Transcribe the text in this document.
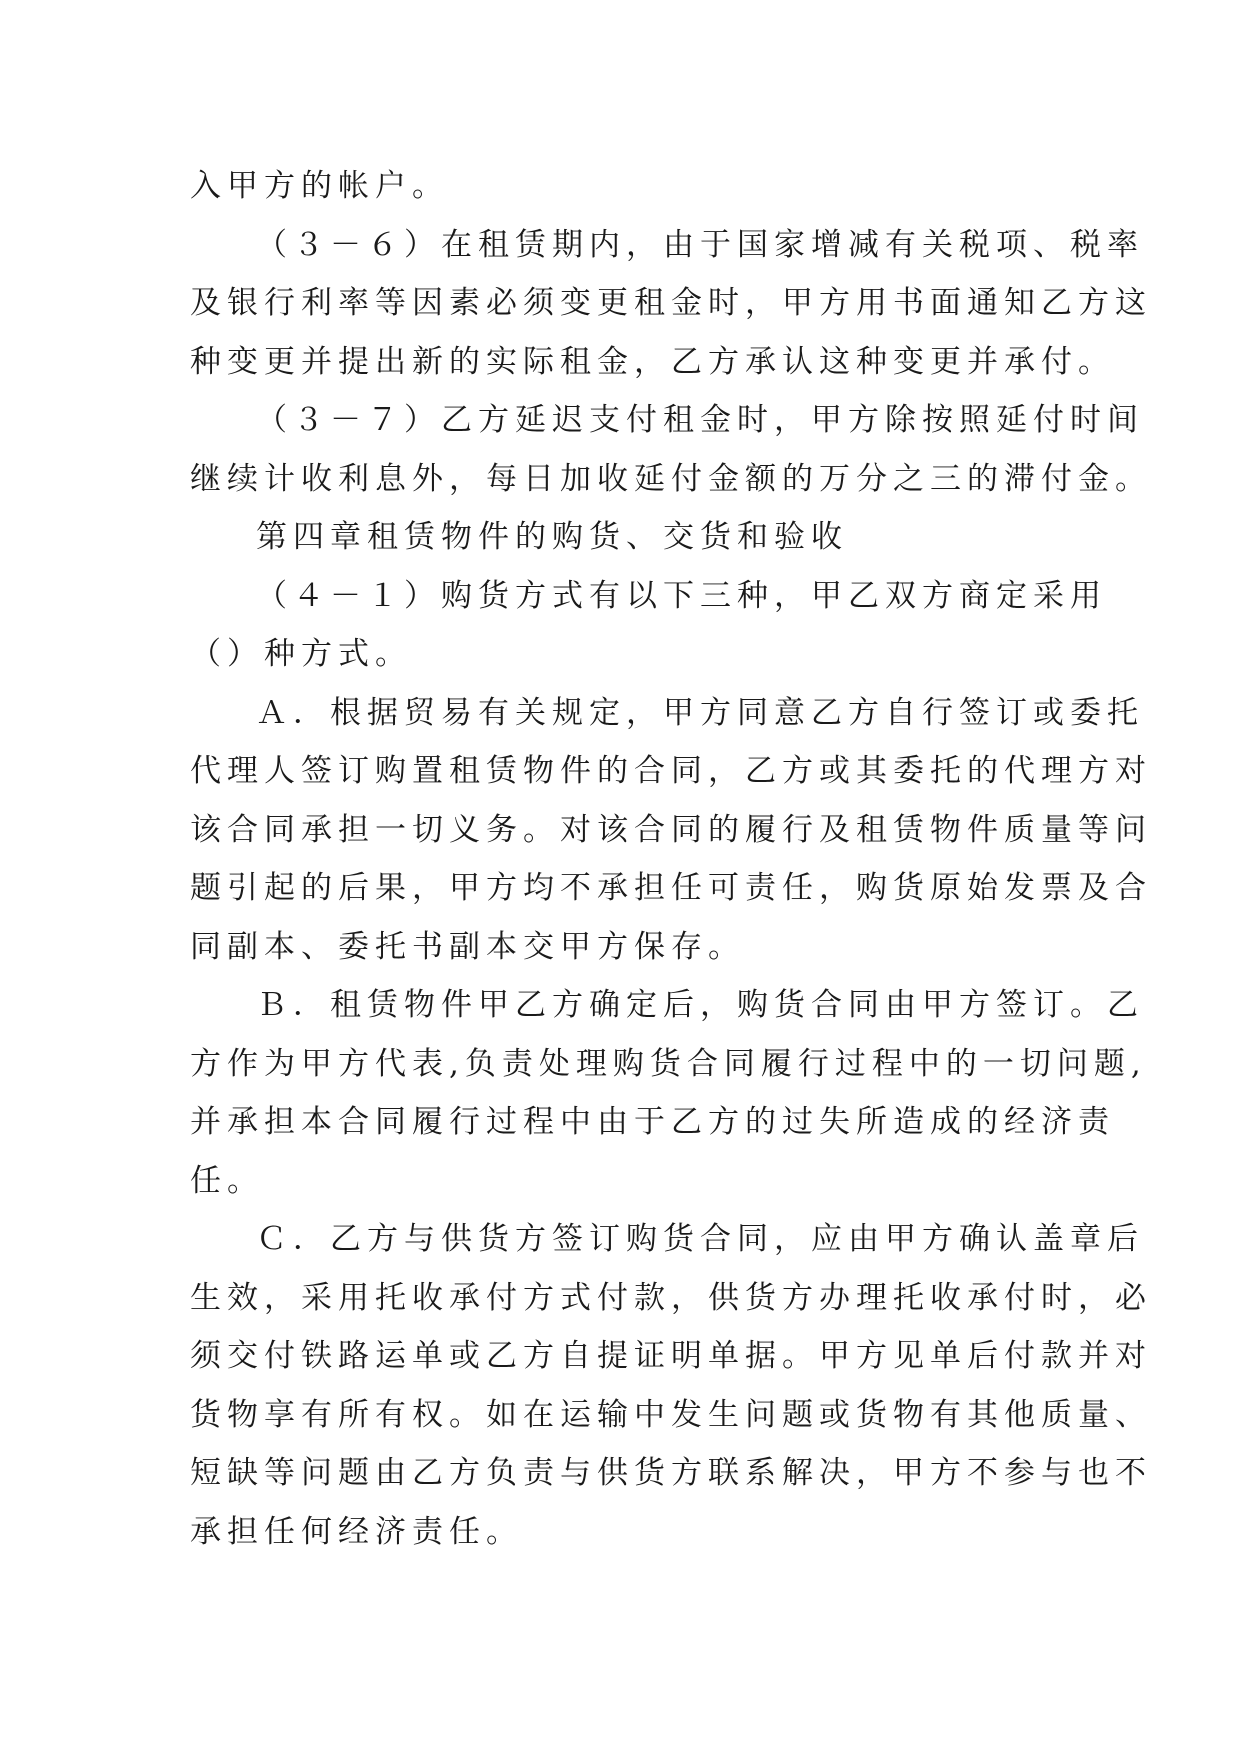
入甲方的帐户。
（３－６）在租赁期内，由于国家增减有关税项、税率
及银行利率等因素必须变更租金时，甲方用书面通知乙方这
种变更并提出新的实际租金，乙方承认这种变更并承付。
（３－７）乙方延迟支付租金时，甲方除按照延付时间
继续计收利息外，每日加收延付金额的万分之三的滞付金。
第四章租赁物件的购货、交货和验收
（４－１）购货方式有以下三种，甲乙双方商定采用
（）种方式。
Ａ．根据贸易有关规定，甲方同意乙方自行签订或委托
代理人签订购置租赁物件的合同，乙方或其委托的代理方对
该合同承担一切义务。对该合同的履行及租赁物件质量等问
题引起的后果，甲方均不承担任可责任，购货原始发票及合
同副本、委托书副本交甲方保存。
Ｂ．租赁物件甲乙方确定后，购货合同由甲方签订。乙
方作为甲方代表,负责处理购货合同履行过程中的一切问题,
并承担本合同履行过程中由于乙方的过失所造成的经济责
任。
Ｃ．乙方与供货方签订购货合同，应由甲方确认盖章后
生效，采用托收承付方式付款，供货方办理托收承付时，必
须交付铁路运单或乙方自提证明单据。甲方见单后付款并对
货物享有所有权。如在运输中发生问题或货物有其他质量、
短缺等问题由乙方负责与供货方联系解决，甲方不参与也不
承担任何经济责任。
